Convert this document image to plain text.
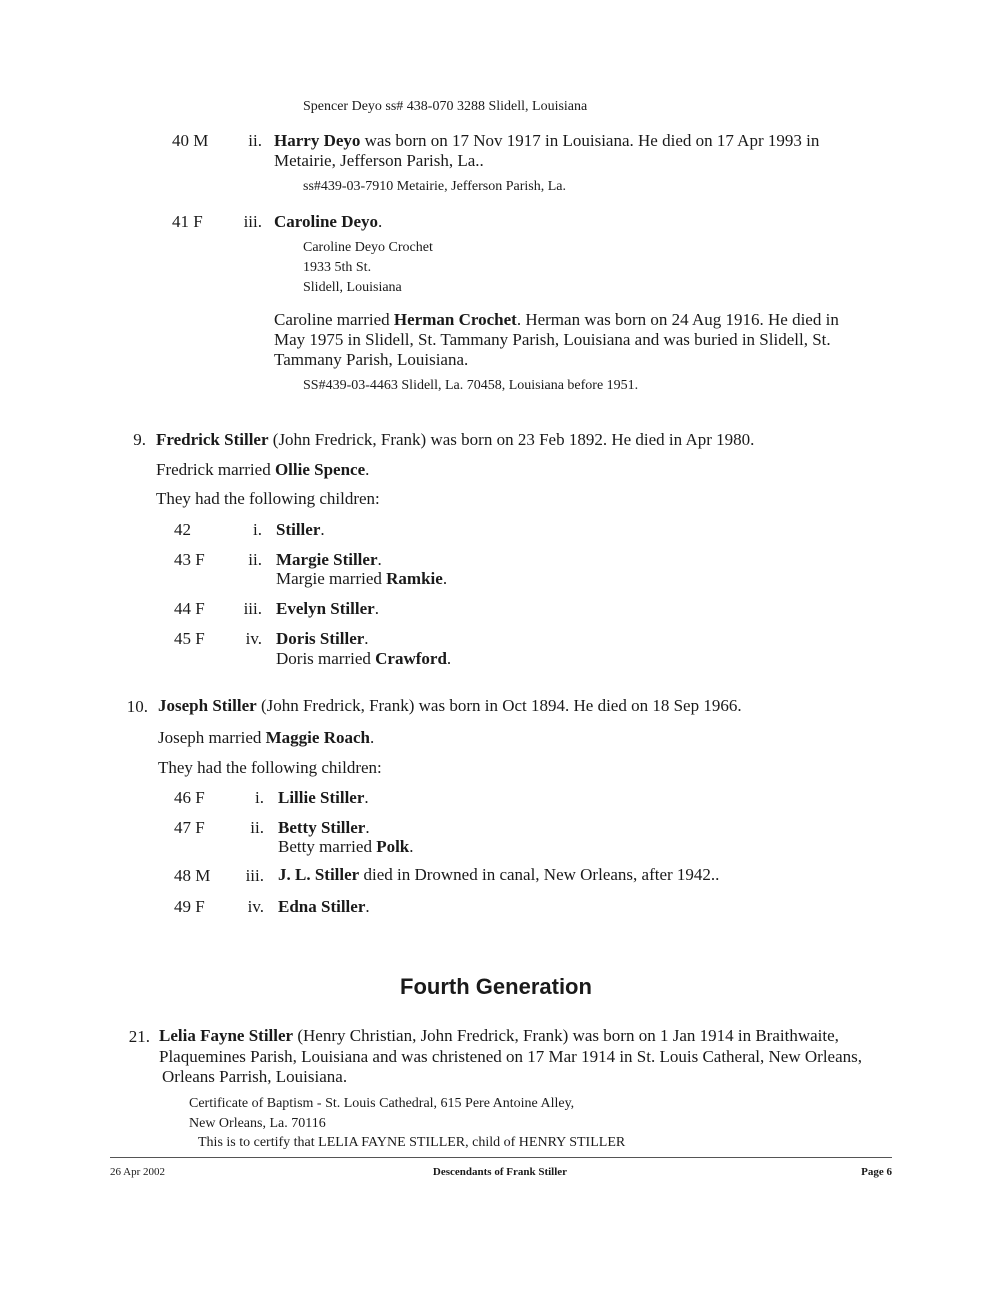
Spencer Deyo ss# 438-070 3288 Slidell, Louisiana
40 M	ii. Harry Deyo was born on 17 Nov 1917 in Louisiana. He died on 17 Apr 1993 in
Metairie, Jefferson Parish, La..
ss#439-03-7910 Metairie, Jefferson Parish, La.
41 F	iii. Caroline Deyo.
Caroline Deyo Crochet
1933 5th St.
Slidell, Louisiana
Caroline married Herman Crochet. Herman was born on 24 Aug 1916. He died in
May 1975 in Slidell, St. Tammany Parish, Louisiana and was buried in Slidell, St.
Tammany Parish, Louisiana.
SS#439-03-4463 Slidell, La. 70458, Louisiana before 1951.
9. Fredrick Stiller (John Fredrick, Frank) was born on 23 Feb 1892. He died in Apr 1980.
Fredrick married Ollie Spence.
They had the following children:
42	i. Stiller.
43 F	ii. Margie Stiller.
Margie married Ramkie.
44 F	iii. Evelyn Stiller.
45 F	iv. Doris Stiller.
Doris married Crawford.
10. Joseph Stiller (John Fredrick, Frank) was born in Oct 1894. He died on 18 Sep 1966.
Joseph married Maggie Roach.
They had the following children:
46 F	i. Lillie Stiller.
47 F	ii. Betty Stiller.
Betty married Polk.
48 M	iii. J. L. Stiller died in Drowned in canal, New Orleans, after 1942..
49 F	iv. Edna Stiller.
Fourth Generation
21. Lelia Fayne Stiller (Henry Christian, John Fredrick, Frank) was born on 1 Jan 1914 in Braithwaite,
Plaquemines Parish, Louisiana and was christened on 17 Mar 1914 in St. Louis Catheral, New Orleans,
Orleans Parrish, Louisiana.
Certificate of Baptism - St. Louis Cathedral, 615 Pere Antoine Alley,
New Orleans, La. 70116
This is to certify that LELIA FAYNE STILLER, child of HENRY STILLER
26 Apr 2002	Descendants of Frank Stiller	Page 6
